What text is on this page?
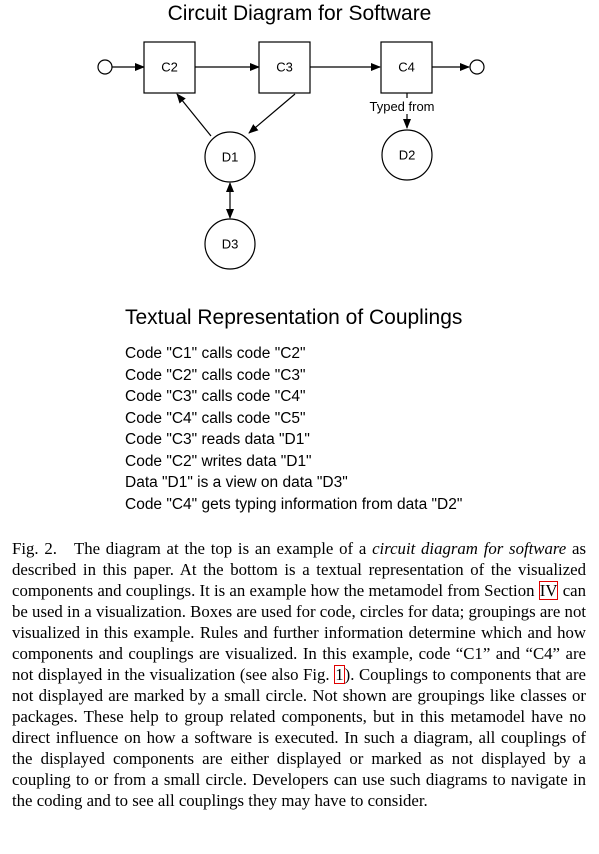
Circuit Diagram for Software
C2	C3	C4
D1	D2
D3
Typed from
Textual Representation of Couplings
Code "C1" calls code "C2"
Code "C2" calls code "C3"
Code "C3" calls code "C4"
Code "C4" calls code "C5"
Code "C3" reads data "D1"
Code "C2" writes data "D1"
Data "D1" is a view on data "D3"
Code "C4" gets typing information from data "D2"

Fig. 2. The diagram at the top is an example of a circuit diagram for software as described in this paper. At the bottom is a textual representation of the visualized components and couplings. It is an example how the metamodel from Section IV can be used in a visualization. Boxes are used for code, circles for data; groupings are not visualized in this example. Rules and further information determine which and how components and couplings are visualized. In this example, code “C1” and “C4” are not displayed in the visualization (see also Fig. 1). Couplings to components that are not displayed are marked by a small circle. Not shown are groupings like classes or packages. These help to group related components, but in this metamodel have no direct influence on how a software is executed. In such a diagram, all couplings of the displayed components are either displayed or marked as not displayed by a coupling to or from a small circle. Developers can use such diagrams to navigate in the coding and to see all couplings they may have to consider.
